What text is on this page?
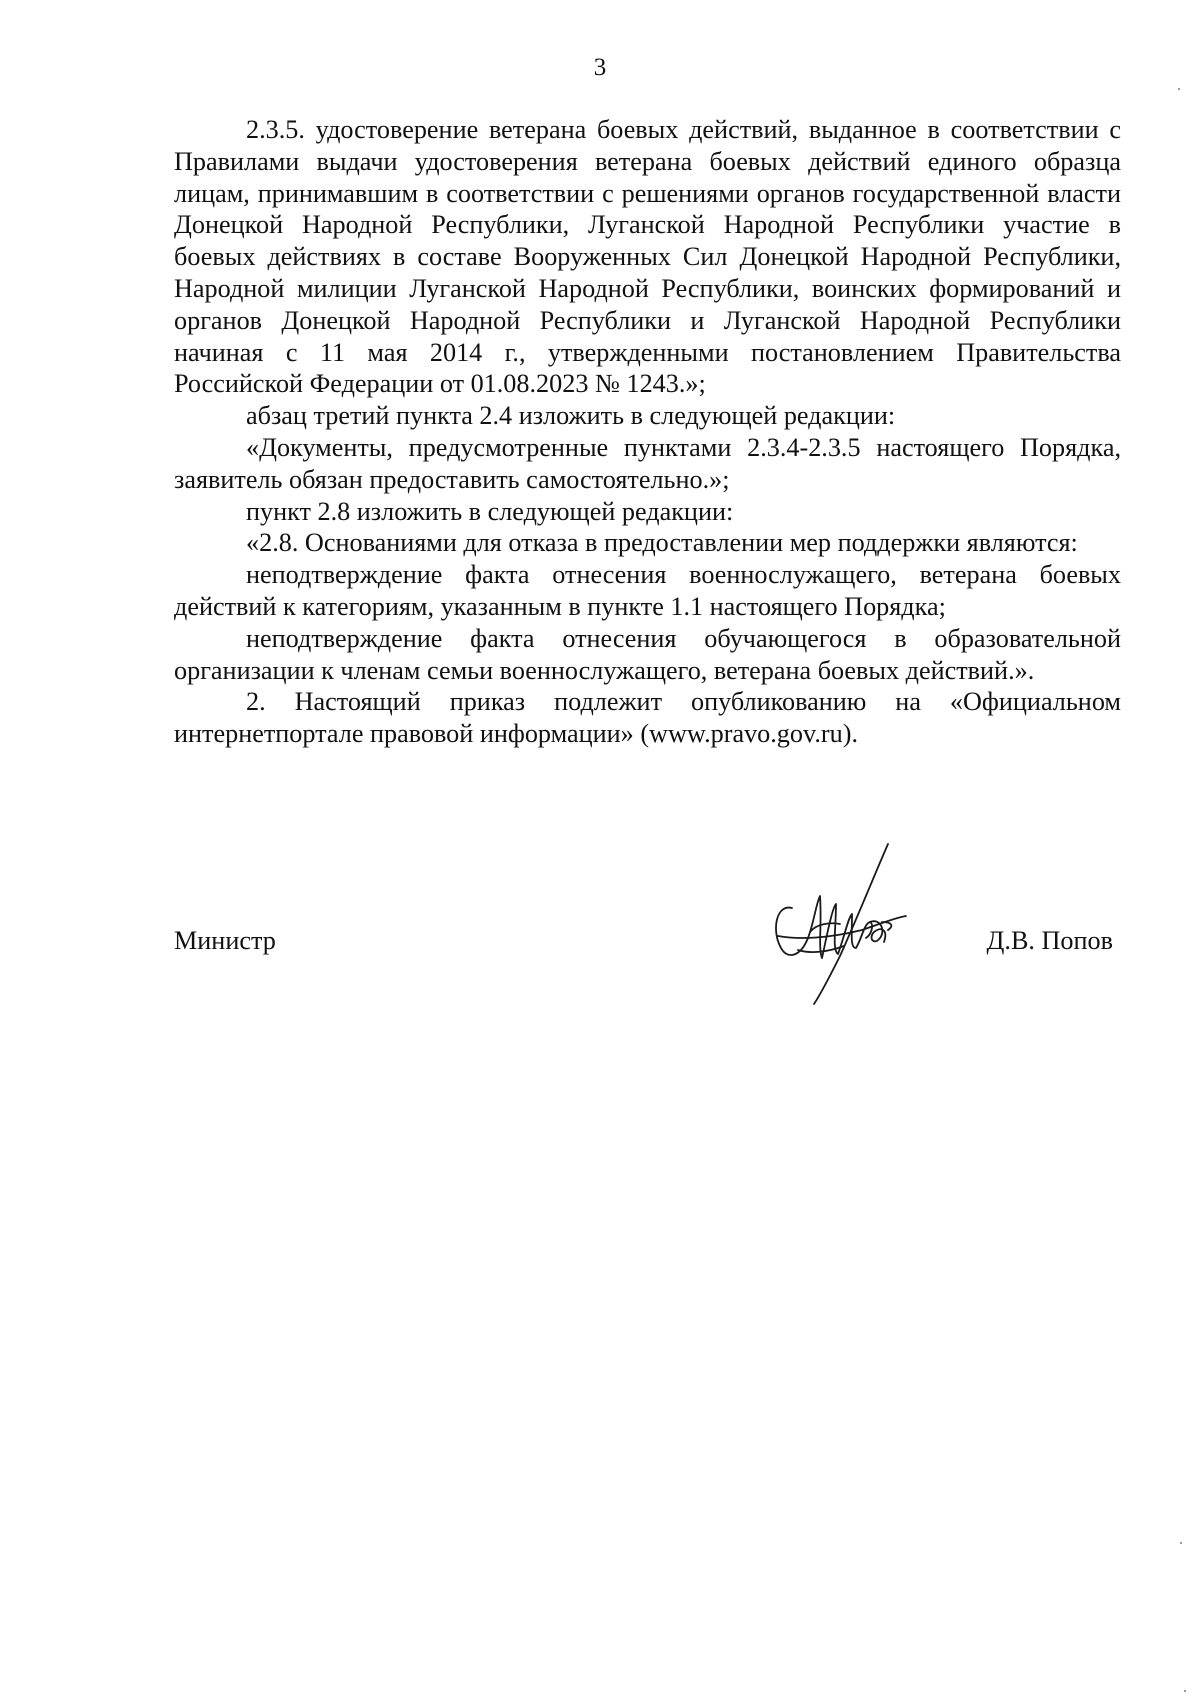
3

2.3.5. удостоверение ветерана боевых действий, выданное в соответствии с Правилами выдачи удостоверения ветерана боевых действий единого образца лицам, принимавшим в соответствии с решениями органов государственной власти Донецкой Народной Республики, Луганской Народной Республики участие в боевых действиях в составе Вооруженных Сил Донецкой Народной Республики, Народной милиции Луганской Народной Республики, воинских формирований и органов Донецкой Народной Республики и Луганской Народной Республики начиная с 11 мая 2014 г., утвержденными постановлением Правительства Российской Федерации от 01.08.2023 № 1243.»;

абзац третий пункта 2.4 изложить в следующей редакции:

«Документы, предусмотренные пунктами 2.3.4-2.3.5 настоящего Порядка, заявитель обязан предоставить самостоятельно.»;

пункт 2.8 изложить в следующей редакции:

«2.8. Основаниями для отказа в предоставлении мер поддержки являются:

неподтверждение факта отнесения военнослужащего, ветерана боевых действий к категориям, указанным в пункте 1.1 настоящего Порядка;

неподтверждение факта отнесения обучающегося в образовательной организации к членам семьи военнослужащего, ветерана боевых действий.».

2. Настоящий приказ подлежит опубликованию на «Официальном интернетпортале правовой информации» (www.pravo.gov.ru).

Министр	Д.В. Попов
